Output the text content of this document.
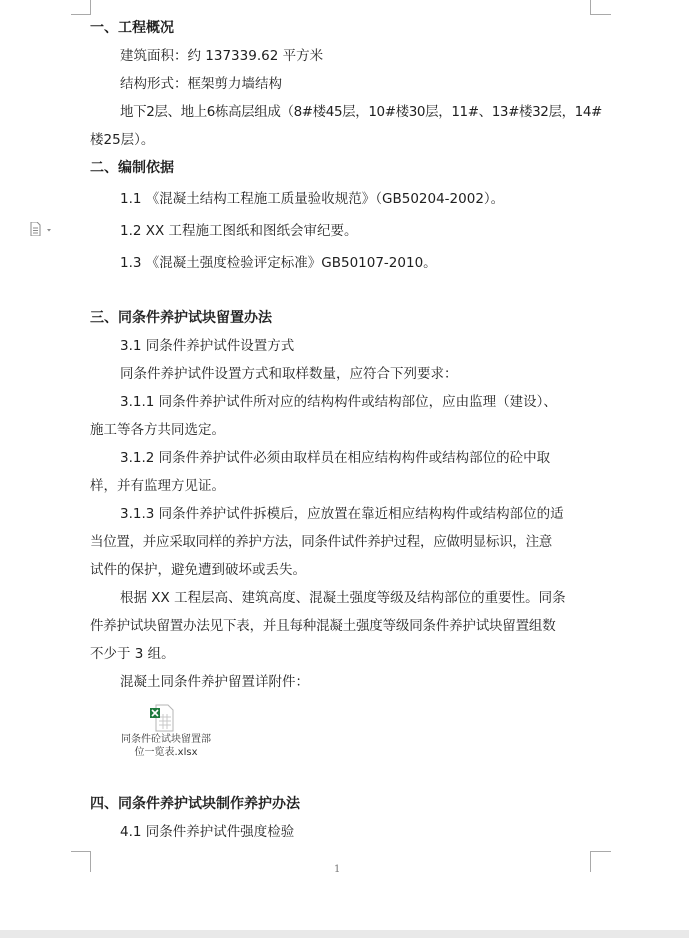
一、工程概况
建筑面积：约 137339.62 平方米
结构形式：框架剪力墙结构
地下2层、地上6栋高层组成（8#楼45层，10#楼30层，11#、13#楼32层，14#
楼25层）。
二、编制依据
1.1 《混凝土结构工程施工质量验收规范》（GB50204-2002）。
1.2 XX 工程施工图纸和图纸会审纪要。
1.3 《混凝土强度检验评定标准》GB50107-2010。
三、同条件养护试块留置办法
3.1 同条件养护试件设置方式
同条件养护试件设置方式和取样数量，应符合下列要求：
3.1.1 同条件养护试件所对应的结构构件或结构部位，应由监理（建设）、
施工等各方共同选定。
3.1.2 同条件养护试件必须由取样员在相应结构构件或结构部位的砼中取
样，并有监理方见证。
3.1.3 同条件养护试件拆模后，应放置在靠近相应结构构件或结构部位的适
当位置，并应采取同样的养护方法，同条件试件养护过程，应做明显标识，注意
试件的保护，避免遭到破坏或丢失。
根据 XX 工程层高、建筑高度、混凝土强度等级及结构部位的重要性。同条
件养护试块留置办法见下表，并且每种混凝土强度等级同条件养护试块留置组数
不少于 3 组。
混凝土同条件养护留置详附件：
同条件砼试块留置部位一览表.xlsx
四、同条件养护试块制作养护办法
4.1 同条件养护试件强度检验
1
